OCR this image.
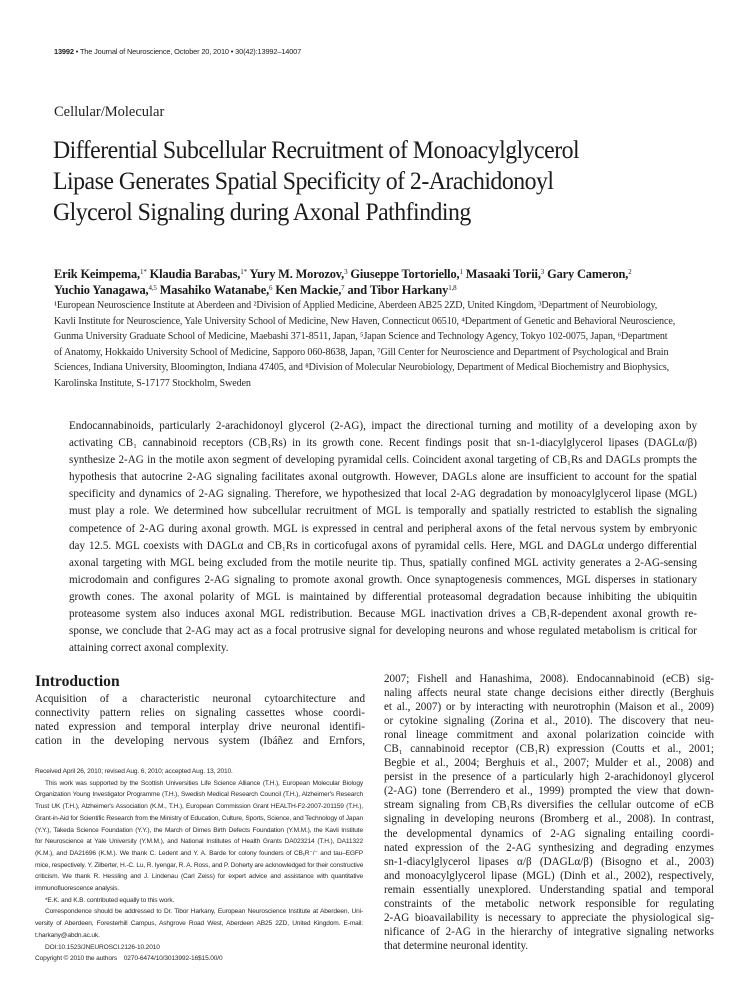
13992 • The Journal of Neuroscience, October 20, 2010 • 30(42):13992–14007
Cellular/Molecular
Differential Subcellular Recruitment of Monoacylglycerol
Lipase Generates Spatial Specificity of 2-Arachidonoyl
Glycerol Signaling during Axonal Pathfinding
Erik Keimpema,$^{1*}$ Klaudia Barabas,$^{1*}$ Yury M. Morozov,$^3$ Giuseppe Tortoriello,$^1$ Masaaki Torii,$^3$ Gary Cameron,$^2$
Yuchio Yanagawa,$^{4,5}$ Masahiko Watanabe,$^6$ Ken Mackie,$^7$ and Tibor Harkany$^{1,8}$
¹European Neuroscience Institute at Aberdeen and ²Division of Applied Medicine, Aberdeen AB25 2ZD, United Kingdom, ³Department of Neurobiology,
Kavli Institute for Neuroscience, Yale University School of Medicine, New Haven, Connecticut 06510, ⁴Department of Genetic and Behavioral Neuroscience,
Gunma University Graduate School of Medicine, Maebashi 371-8511, Japan, ⁵Japan Science and Technology Agency, Tokyo 102-0075, Japan, ⁶Department
of Anatomy, Hokkaido University School of Medicine, Sapporo 060-8638, Japan, ⁷Gill Center for Neuroscience and Department of Psychological and Brain
Sciences, Indiana University, Bloomington, Indiana 47405, and ⁸Division of Molecular Neurobiology, Department of Medical Biochemistry and Biophysics,
Karolinska Institute, S-17177 Stockholm, Sweden
Endocannabinoids, particularly 2-arachidonoyl glycerol (2-AG), impact the directional turning and motility of a developing axon by
activating CB₁ cannabinoid receptors (CB₁Rs) in its growth cone. Recent findings posit that sn-1-diacylglycerol lipases (DAGLα/β)
synthesize 2-AG in the motile axon segment of developing pyramidal cells. Coincident axonal targeting of CB₁Rs and DAGLs prompts the
hypothesis that autocrine 2-AG signaling facilitates axonal outgrowth. However, DAGLs alone are insufficient to account for the spatial
specificity and dynamics of 2-AG signaling. Therefore, we hypothesized that local 2-AG degradation by monoacylglycerol lipase (MGL)
must play a role. We determined how subcellular recruitment of MGL is temporally and spatially restricted to establish the signaling
competence of 2-AG during axonal growth. MGL is expressed in central and peripheral axons of the fetal nervous system by embryonic
day 12.5. MGL coexists with DAGLα and CB₁Rs in corticofugal axons of pyramidal cells. Here, MGL and DAGLα undergo differential
axonal targeting with MGL being excluded from the motile neurite tip. Thus, spatially confined MGL activity generates a 2-AG-sensing
microdomain and configures 2-AG signaling to promote axonal growth. Once synaptogenesis commences, MGL disperses in stationary
growth cones. The axonal polarity of MGL is maintained by differential proteasomal degradation because inhibiting the ubiquitin
proteasome system also induces axonal MGL redistribution. Because MGL inactivation drives a CB₁R-dependent axonal growth re-
sponse, we conclude that 2-AG may act as a focal protrusive signal for developing neurons and whose regulated metabolism is critical for
attaining correct axonal complexity.
Introduction
Acquisition of a characteristic neuronal cytoarchitecture and
connectivity pattern relies on signaling cassettes whose coordi-
nated expression and temporal interplay drive neuronal identifi-
cation in the developing nervous system (Ibáñez and Ernfors,
2007; Fishell and Hanashima, 2008). Endocannabinoid (eCB) sig-
naling affects neural state change decisions either directly (Berghuis
et al., 2007) or by interacting with neurotrophin (Maison et al., 2009)
or cytokine signaling (Zorina et al., 2010). The discovery that neu-
ronal lineage commitment and axonal polarization coincide with
CB₁ cannabinoid receptor (CB₁R) expression (Coutts et al., 2001;
Begbie et al., 2004; Berghuis et al., 2007; Mulder et al., 2008) and
persist in the presence of a particularly high 2-arachidonoyl glycerol
(2-AG) tone (Berrendero et al., 1999) prompted the view that down-
stream signaling from CB₁Rs diversifies the cellular outcome of eCB
signaling in developing neurons (Bromberg et al., 2008). In contrast,
the developmental dynamics of 2-AG signaling entailing coordi-
nated expression of the 2-AG synthesizing and degrading enzymes
sn-1-diacylglycerol lipases α/β (DAGLα/β) (Bisogno et al., 2003)
and monoacylglycerol lipase (MGL) (Dinh et al., 2002), respectively,
remain essentially unexplored. Understanding spatial and temporal
constraints of the metabolic network responsible for regulating
2-AG bioavailability is necessary to appreciate the physiological sig-
nificance of 2-AG in the hierarchy of integrative signaling networks
that determine neuronal identity.
Received April 26, 2010; revised Aug. 6, 2010; accepted Aug. 13, 2010.
This work was supported by the Scottish Universities Life Science Alliance (T.H.), European Molecular Biology
Organization Young Investigator Programme (T.H.), Swedish Medical Research Council (T.H.), Alzheimer's Research
Trust UK (T.H.), Alzheimer's Association (K.M., T.H.), European Commission Grant HEALTH-F2-2007-201159 (T.H.),
Grant-in-Aid for Scientific Research from the Ministry of Education, Culture, Sports, Science, and Technology of Japan
(Y.Y.), Takeda Science Foundation (Y.Y.), the March of Dimes Birth Defects Foundation (Y.M.M.), the Kavli Institute
for Neuroscience at Yale University (Y.M.M.), and National Institutes of Health Grants DA023214 (T.H.), DA11322
(K.M.), and DA21696 (K.M.). We thank C. Ledent and Y. A. Barde for colony founders of CB₁R⁻/⁻ and tau–EGFP
mice, respectively. Y. Zilberter, H.-C. Lu, R. Iyengar, R. A. Ross, and P. Doherty are acknowledged for their constructive
criticism. We thank R. Hessling and J. Lindenau (Carl Zeiss) for expert advice and assistance with quantitative
immunofluorescence analysis.
*E.K. and K.B. contributed equally to this work.
Correspondence should be addressed to Dr. Tibor Harkany, European Neuroscience Institute at Aberdeen, Uni-
versity of Aberdeen, Foresterhill Campus, Ashgrove Road West, Aberdeen AB25 2ZD, United Kingdom. E-mail:
t.harkany@abdn.ac.uk.
DOI:10.1523/JNEUROSCI.2126-10.2010
Copyright © 2010 the authors    0270-6474/10/3013992-16$15.00/0
